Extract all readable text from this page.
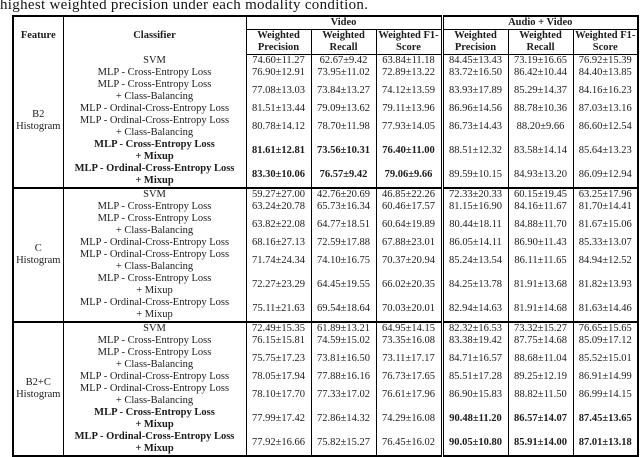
highest weighted precision under each modality condition.
Feature	Classifier	Video			Audio + Video		
		Weighted Precision	Weighted Recall	Weighted F1-Score	Weighted Precision	Weighted Recall	Weighted F1-Score

B2
Histogram	SVM	74.60±11.27	62.67±9.42	63.84±11.18	84.45±13.43	73.19±16.65	76.92±15.39

	MLP - Cross-Entropy Loss	76.90±12.91	73.95±11.02	72.89±13.22	83.72±16.50	86.42±10.44	84.40±13.85

	MLP - Cross-Entropy Loss
+ Class-Balancing	77.08±13.03	73.84±13.27	74.12±13.59	83.93±17.89	85.29±14.37	84.16±16.23

	MLP - Ordinal-Cross-Entropy Loss	81.51±13.44	79.09±13.62	79.11±13.96	86.96±14.56	88.78±10.36	87.03±13.16

	MLP - Ordinal-Cross-Entropy Loss
+ Class-Balancing	80.78±14.12	78.70±11.98	77.93±14.05	86.73±14.43	88.20±9.66	86.60±12.54

	MLP - Cross-Entropy Loss
+ Mixup	81.61±12.81	73.56±10.31	76.40±11.00	88.51±12.32	83.58±14.14	85.64±13.23

	MLP - Ordinal-Cross-Entropy Loss
+ Mixup	83.30±10.06	76.57±9.42	79.06±9.66	89.59±10.15	84.93±13.20	86.09±12.94

C
Histogram	SVM	59.27±27.00	42.76±20.69	46.85±22.26	72.33±20.33	60.15±19.45	63.25±17.96

	MLP - Cross-Entropy Loss	63.24±20.78	65.73±16.34	60.46±17.57	81.15±16.90	84.16±11.67	81.70±14.41

	MLP - Cross-Entropy Loss
+ Class-Balancing	63.82±22.08	64.77±18.51	60.64±19.89	80.44±18.11	84.88±11.70	81.67±15.06

	MLP - Ordinal-Cross-Entropy Loss	68.16±27.13	72.59±17.88	67.88±23.01	86.05±14.11	86.90±11.43	85.33±13.07

	MLP - Ordinal-Cross-Entropy Loss
+ Class-Balancing	71.74±24.34	74.10±16.75	70.37±20.94	85.24±13.54	86.11±11.65	84.94±12.52

	MLP - Cross-Entropy Loss
+ Mixup	72.27±23.29	64.45±19.55	66.02±20.35	84.25±13.78	81.91±13.68	81.82±13.93

	MLP - Ordinal-Cross-Entropy Loss
+ Mixup	75.11±21.63	69.54±18.64	70.03±20.01	82.94±14.63	81.91±14.68	81.63±14.46

B2+C
Histogram	SVM	72.49±15.35	61.89±13.21	64.95±14.15	82.32±16.53	73.32±15.27	76.65±15.65

	MLP - Cross-Entropy Loss	76.15±15.81	74.59±15.02	73.35±16.08	83.38±19.42	87.75±14.68	85.09±17.12

	MLP - Cross-Entropy Loss
+ Class-Balancing	75.75±17.23	73.81±16.50	73.11±17.17	84.71±16.57	88.68±11.04	85.52±15.01

	MLP - Ordinal-Cross-Entropy Loss	78.05±17.94	77.88±16.16	76.73±17.65	85.51±17.28	89.25±12.19	86.91±14.99

	MLP - Ordinal-Cross-Entropy Loss
+ Class-Balancing	78.10±17.70	77.33±17.02	76.61±17.96	86.90±15.83	88.82±11.50	86.99±14.15

	MLP - Cross-Entropy Loss
+ Mixup	77.99±17.42	72.86±14.32	74.29±16.08	90.48±11.20	86.57±14.07	87.45±13.65

	MLP - Ordinal-Cross-Entropy Loss
+ Mixup	77.92±16.66	75.82±15.27	76.45±16.02	90.05±10.80	85.91±14.00	87.01±13.18
